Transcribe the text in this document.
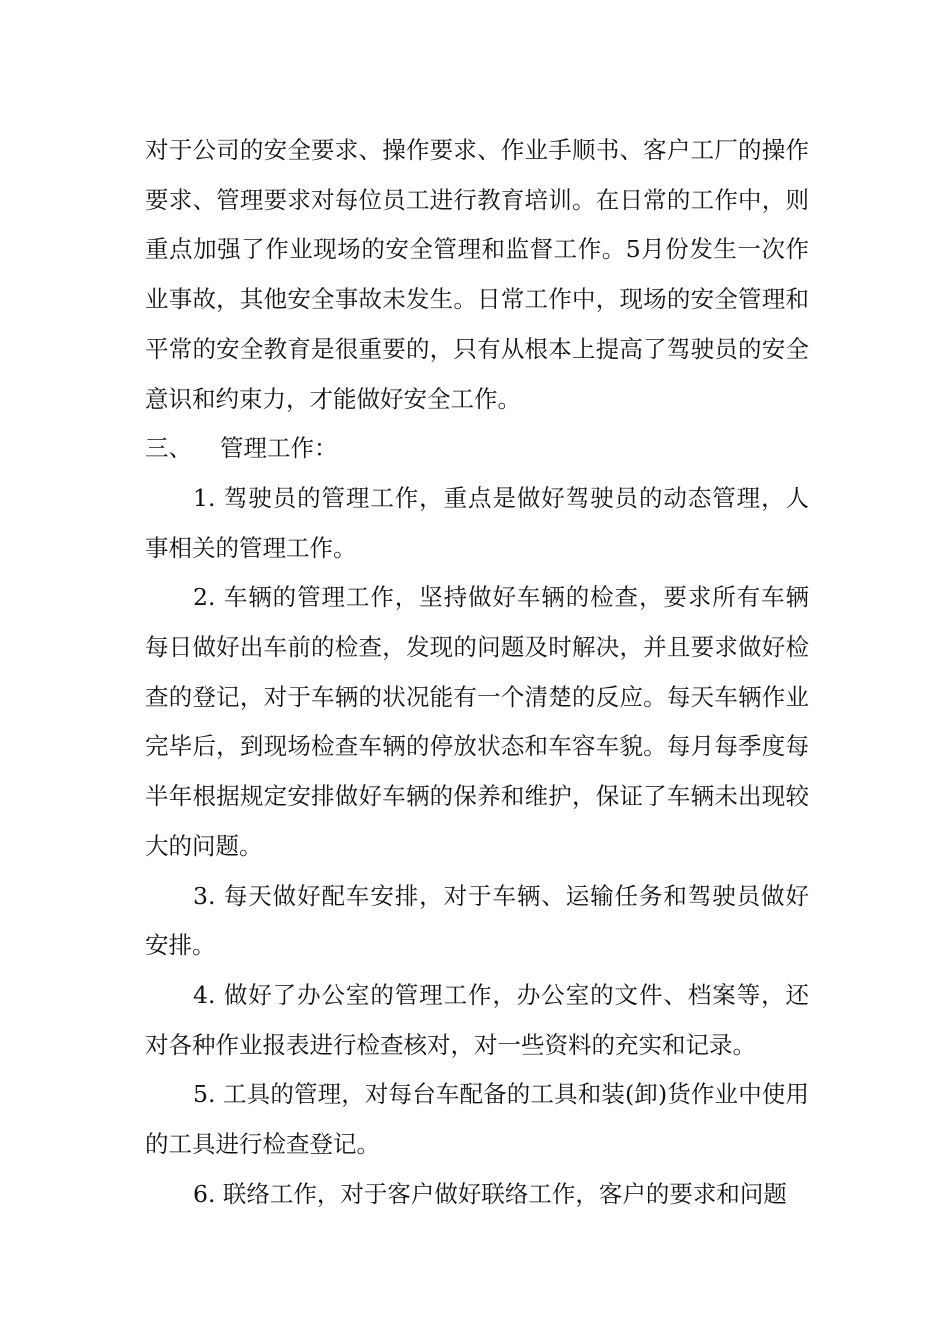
对于公司的安全要求、操作要求、作业手顺书、客户工厂的操作要求、管理要求对每位员工进行教育培训。在日常的工作中，则重点加强了作业现场的安全管理和监督工作。5月份发生一次作业事故，其他安全事故未发生。日常工作中，现场的安全管理和平常的安全教育是很重要的，只有从根本上提高了驾驶员的安全意识和约束力，才能做好安全工作。

三、 管理工作：

1. 驾驶员的管理工作，重点是做好驾驶员的动态管理，人事相关的管理工作。

2. 车辆的管理工作，坚持做好车辆的检查，要求所有车辆每日做好出车前的检查，发现的问题及时解决，并且要求做好检查的登记，对于车辆的状况能有一个清楚的反应。每天车辆作业完毕后，到现场检查车辆的停放状态和车容车貌。每月每季度每半年根据规定安排做好车辆的保养和维护，保证了车辆未出现较大的问题。

3. 每天做好配车安排，对于车辆、运输任务和驾驶员做好安排。

4. 做好了办公室的管理工作，办公室的文件、档案等，还对各种作业报表进行检查核对，对一些资料的充实和记录。

5. 工具的管理，对每台车配备的工具和装(卸)货作业中使用的工具进行检查登记。

6. 联络工作，对于客户做好联络工作，客户的要求和问题
